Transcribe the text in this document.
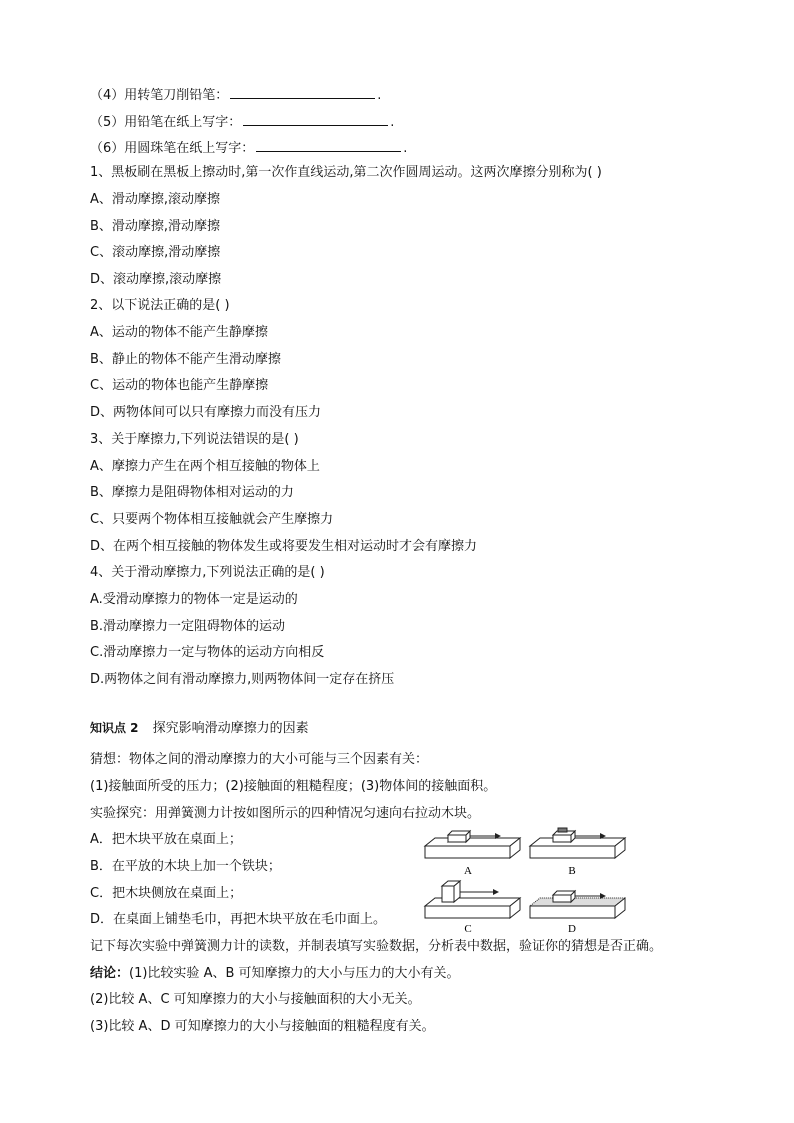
（4）用转笔刀削铅笔：	.
（5）用铅笔在纸上写字：	.
（6）用圆珠笔在纸上写字：	.
1、黑板刷在黑板上擦动时,第一次作直线运动,第二次作圆周运动。这两次摩擦分别称为( )
A、滑动摩擦,滚动摩擦
B、滑动摩擦,滑动摩擦
C、滚动摩擦,滑动摩擦
D、滚动摩擦,滚动摩擦
2、以下说法正确的是( )
A、运动的物体不能产生静摩擦
B、静止的物体不能产生滑动摩擦
C、运动的物体也能产生静摩擦
D、两物体间可以只有摩擦力而没有压力
3、关于摩擦力,下列说法错误的是( )
A、摩擦力产生在两个相互接触的物体上
B、摩擦力是阻碍物体相对运动的力
C、只要两个物体相互接触就会产生摩擦力
D、在两个相互接触的物体发生或将要发生相对运动时才会有摩擦力
4、关于滑动摩擦力,下列说法正确的是( )
A.受滑动摩擦力的物体一定是运动的
B.滑动摩擦力一定阻碍物体的运动
C.滑动摩擦力一定与物体的运动方向相反
D.两物体之间有滑动摩擦力,则两物体间一定存在挤压
知识点 2 探究影响滑动摩擦力的因素
猜想：物体之间的滑动摩擦力的大小可能与三个因素有关：
(1)接触面所受的压力；(2)接触面的粗糙程度；(3)物体间的接触面积。
实验探究：用弹簧测力计按如图所示的四种情况匀速向右拉动木块。
A．把木块平放在桌面上；
B．在平放的木块上加一个铁块；
C．把木块侧放在桌面上；
D．在桌面上铺垫毛巾，再把木块平放在毛巾面上。
记下每次实验中弹簧测力计的读数，并制表填写实验数据，分析表中数据，验证你的猜想是否正确。
结论：(1)比较实验 A、B 可知摩擦力的大小与压力的大小有关。
(2)比较 A、C 可知摩擦力的大小与接触面积的大小无关。
(3)比较 A、D 可知摩擦力的大小与接触面的粗糙程度有关。
A	B
C	D
